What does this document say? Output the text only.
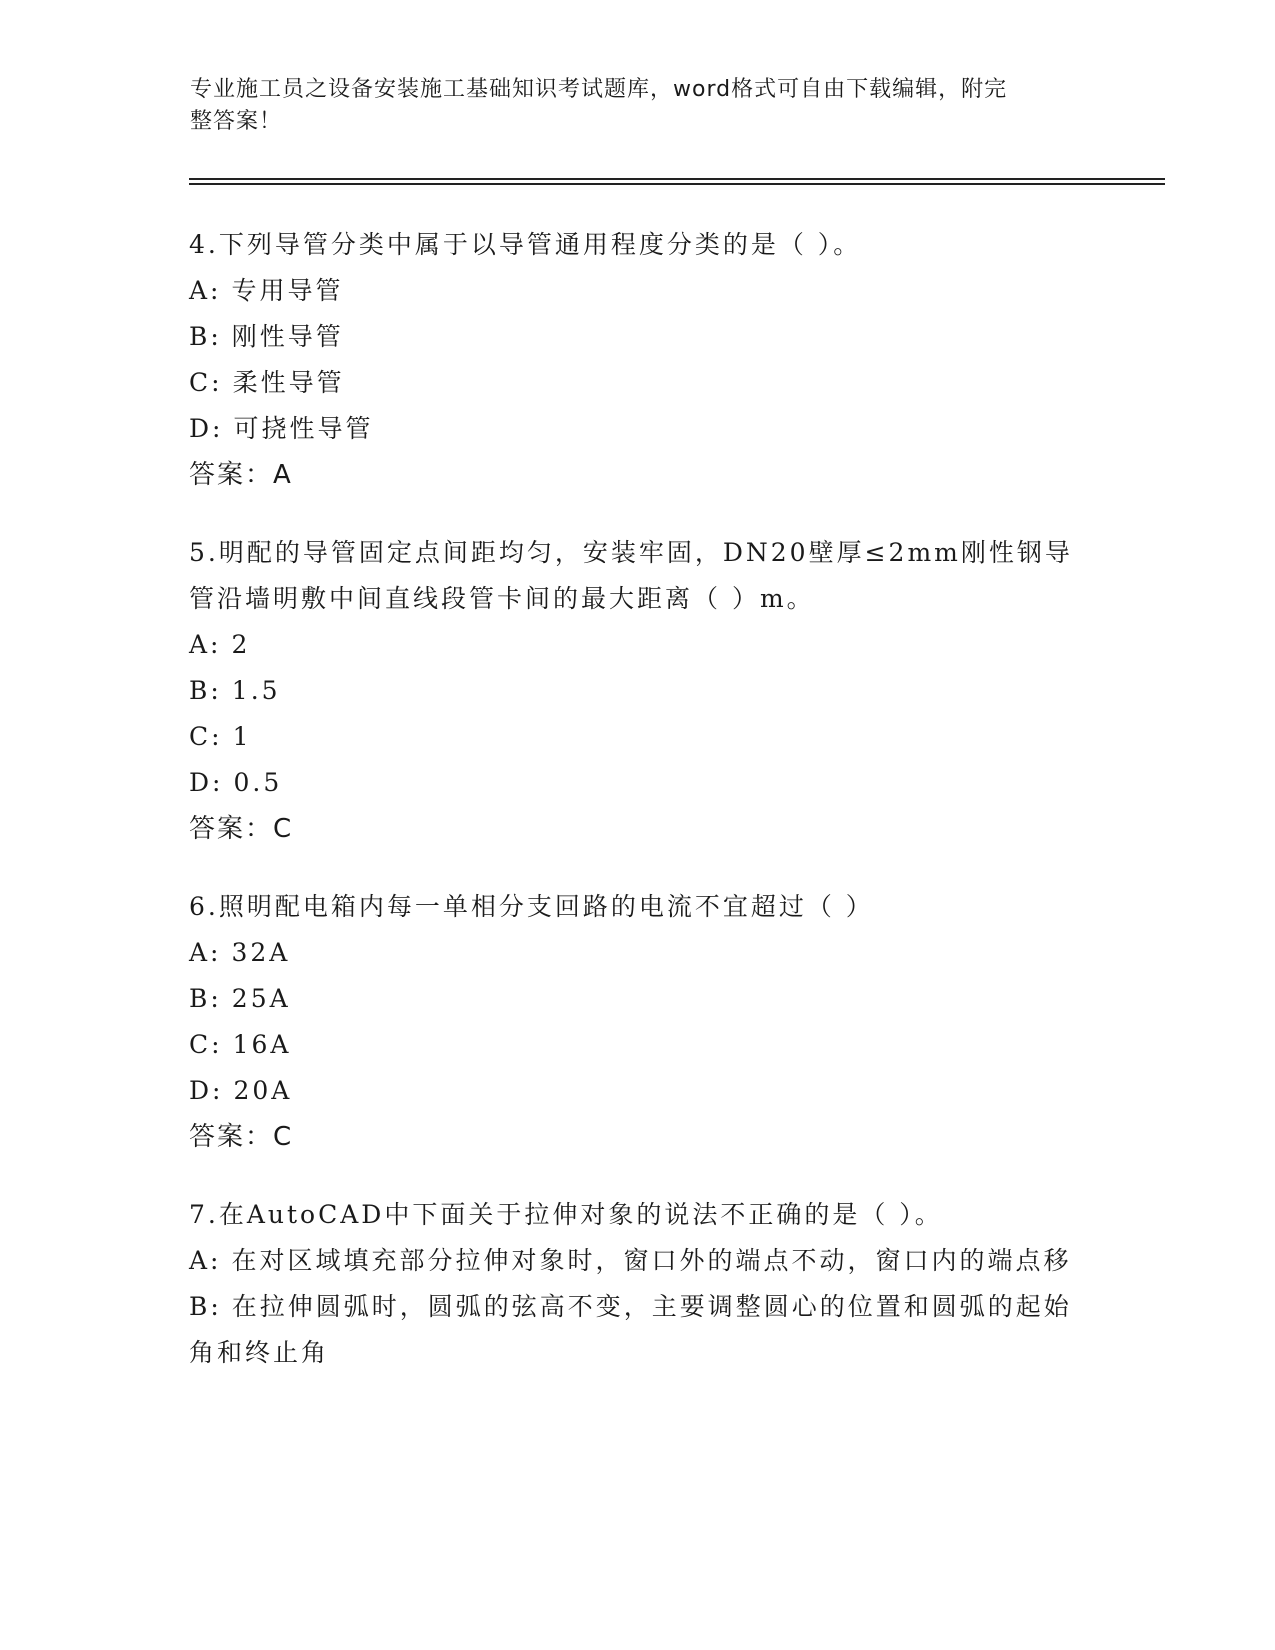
专业施工员之设备安装施工基础知识考试题库，word格式可自由下载编辑，附完
整答案！
4.下列导管分类中属于以导管通用程度分类的是（ ）。
A: 专用导管
B: 刚性导管
C: 柔性导管
D: 可挠性导管
答案：A
5.明配的导管固定点间距均匀，安装牢固，DN20壁厚≤2mm刚性钢导管沿墙明敷中间直线段管卡间的最大距离（ ）m。
A: 2
B: 1.5
C: 1
D: 0.5
答案：C
6.照明配电箱内每一单相分支回路的电流不宜超过（ ）
A: 32A
B: 25A
C: 16A
D: 20A
答案：C
7.在AutoCAD中下面关于拉伸对象的说法不正确的是（ ）。
A: 在对区域填充部分拉伸对象时，窗口外的端点不动，窗口内的端点移
B: 在拉伸圆弧时，圆弧的弦高不变，主要调整圆心的位置和圆弧的起始角和终止角
